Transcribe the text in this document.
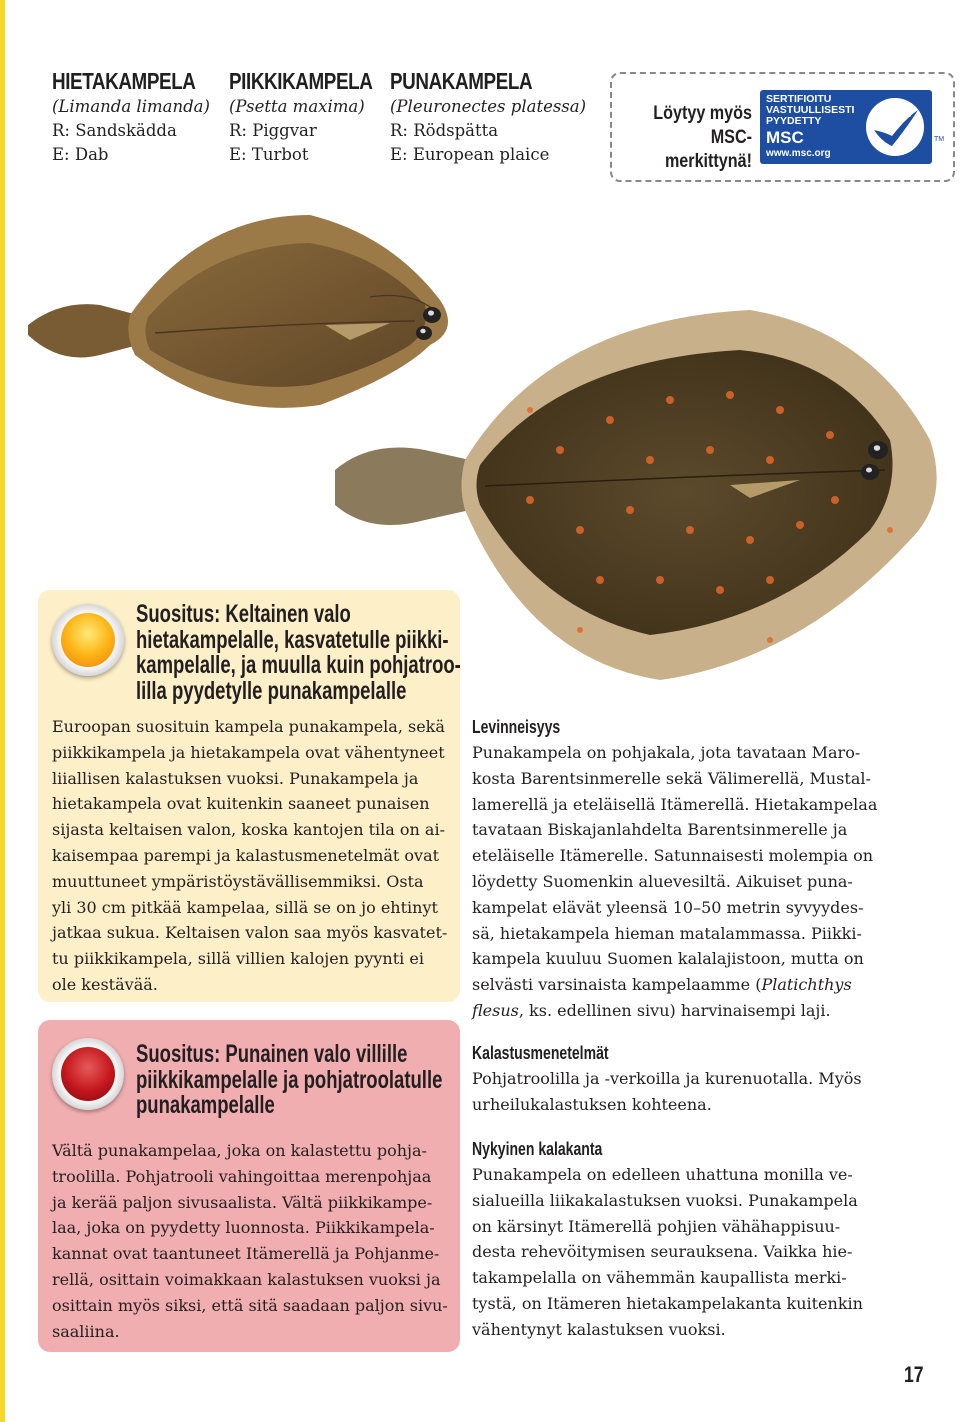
HIETAKAMPELA
(Limanda limanda)
R: Sandskädda
E: Dab
PIIKKIKAMPELA
(Psetta maxima)
R: Piggvar
E: Turbot
PUNAKAMPELA
(Pleuronectes platessa)
R: Rödspätta
E: European plaice
Löytyy myös
MSC-merkittynä!
SERTIFIOITU
VASTUULLISESTI
PYYDETTY
MSC
www.msc.org
TM
Suositus: Keltainen valo
hietakampelalle, kasvatetulle piikki-
kampelalle, ja muulla kuin pohjatroo-
lilla pyydetylle punakampelalle
Euroopan suosituin kampela punakampela, sekä
piikkikampela ja hietakampela ovat vähentyneet
liiallisen kalastuksen vuoksi. Punakampela ja
hietakampela ovat kuitenkin saaneet punaisen
sijasta keltaisen valon, koska kantojen tila on ai-
kaisempaa parempi ja kalastusmenetelmät ovat
muuttuneet ympäristöystävällisemmiksi. Osta
yli 30 cm pitkää kampelaa, sillä se on jo ehtinyt
jatkaa sukua. Keltaisen valon saa myös kasvatet-
tu piikkikampela, sillä villien kalojen pyynti ei
ole kestävää.
Suositus: Punainen valo villille
piikkikampelalle ja pohjatroolatulle
punakampelalle
Vältä punakampelaa, joka on kalastettu pohja-
troolilla. Pohjatrooli vahingoittaa merenpohjaa
ja kerää paljon sivusaalista. Vältä piikkikampe-
laa, joka on pyydetty luonnosta. Piikkikampela-
kannat ovat taantuneet Itämerellä ja Pohjanme-
rellä, osittain voimakkaan kalastuksen vuoksi ja
osittain myös siksi, että sitä saadaan paljon sivu-
saaliina.
Levinneisyys
Punakampela on pohjakala, jota tavataan Maro-
kosta Barentsinmerelle sekä Välimerellä, Mustal-
lamerellä ja eteläisellä Itämerellä. Hietakampelaa
tavataan Biskajanlahdelta Barentsinmerelle ja
eteläiselle Itämerelle. Satunnaisesti molempia on
löydetty Suomenkin aluevesiltä. Aikuiset puna-
kampelat elävät yleensä 10–50 metrin syvyydes-
sä, hietakampela hieman matalammassa. Piikki-
kampela kuuluu Suomen kalalajistoon, mutta on
selvästi varsinaista kampelaamme (Platichthys
flesus, ks. edellinen sivu) harvinaisempi laji.
Kalastusmenetelmät
Pohjatroolilla ja -verkoilla ja kurenuotalla. Myös
urheilukalastuksen kohteena.
Nykyinen kalakanta
Punakampela on edelleen uhattuna monilla ve-
sialueilla liikakalastuksen vuoksi. Punakampela
on kärsinyt Itämerellä pohjien vähähappisuu-
desta rehevöitymisen seurauksena. Vaikka hie-
takampelalla on vähemmän kaupallista merki-
tystä, on Itämeren hietakampelakanta kuitenkin
vähentynyt kalastuksen vuoksi.
17
